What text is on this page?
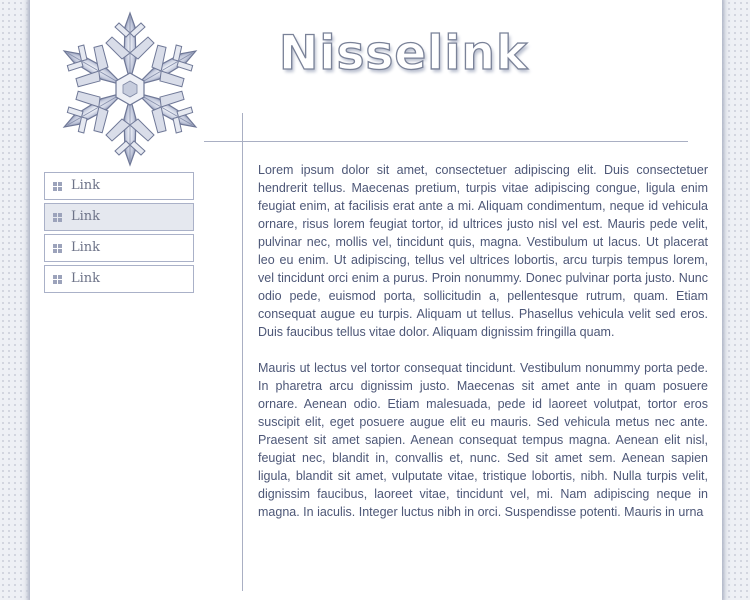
Nisselink
Link
Link
Link
Link

Lorem ipsum dolor sit amet, consectetuer adipiscing elit. Duis consectetuer hendrerit tellus. Maecenas pretium, turpis vitae adipiscing congue, ligula enim feugiat enim, at facilisis erat ante a mi. Aliquam condimentum, neque id vehicula ornare, risus lorem feugiat tortor, id ultrices justo nisl vel est. Mauris pede velit, pulvinar nec, mollis vel, tincidunt quis, magna. Vestibulum ut lacus. Ut placerat leo eu enim. Ut adipiscing, tellus vel ultrices lobortis, arcu turpis tempus lorem, vel tincidunt orci enim a purus. Proin nonummy. Donec pulvinar porta justo. Nunc odio pede, euismod porta, sollicitudin a, pellentesque rutrum, quam. Etiam consequat augue eu turpis. Aliquam ut tellus. Phasellus vehicula velit sed eros. Duis faucibus tellus vitae dolor. Aliquam dignissim fringilla quam.

Mauris ut lectus vel tortor consequat tincidunt. Vestibulum nonummy porta pede. In pharetra arcu dignissim justo. Maecenas sit amet ante in quam posuere ornare. Aenean odio. Etiam malesuada, pede id laoreet volutpat, tortor eros suscipit elit, eget posuere augue elit eu mauris. Sed vehicula metus nec ante. Praesent sit amet sapien. Aenean consequat tempus magna. Aenean elit nisl, feugiat nec, blandit in, convallis et, nunc. Sed sit amet sem. Aenean sapien ligula, blandit sit amet, vulputate vitae, tristique lobortis, nibh. Nulla turpis velit, dignissim faucibus, laoreet vitae, tincidunt vel, mi. Nam adipiscing neque in magna. In iaculis. Integer luctus nibh in orci. Suspendisse potenti. Mauris in urna
